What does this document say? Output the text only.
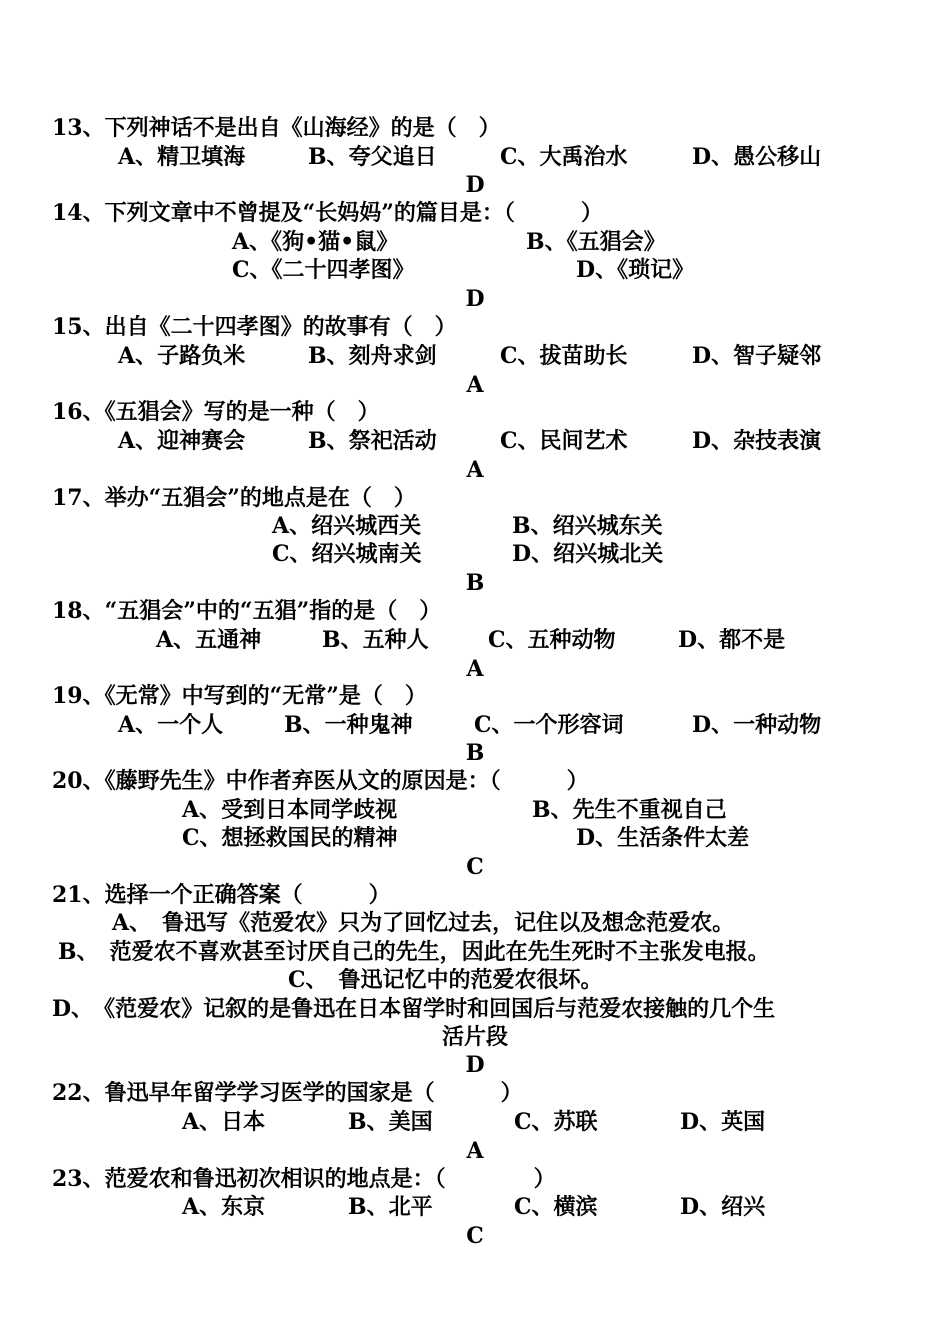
13、下列神话不是出自《山海经》的是（　）
A、精卫填海	B、夸父追日	C、大禹治水	D、愚公移山
D
14、下列文章中不曾提及“长妈妈”的篇目是：（　　　）
A、《狗•猫•鼠》	B、《五猖会》
C、《二十四孝图》	D、《琐记》
D
15、出自《二十四孝图》的故事有（　）
A、子路负米	B、刻舟求剑	C、拔苗助长	D、智子疑邻
A
16、《五猖会》写的是一种（　）
A、迎神赛会	B、祭祀活动	C、民间艺术	D、杂技表演
A
17、举办“五猖会”的地点是在（　）
A、绍兴城西关	B、绍兴城东关
C、绍兴城南关	D、绍兴城北关
B
18、“五猖会”中的“五猖”指的是（　）
A、五通神	B、五种人	C、五种动物	D、都不是
A
19、《无常》中写到的“无常”是（　）
A、一个人	B、一种鬼神	C、一个形容词	D、一种动物
B
20、《藤野先生》中作者弃医从文的原因是：（　　　）
A、受到日本同学歧视	B、先生不重视自己
C、想拯救国民的精神	D、生活条件太差
C
21、选择一个正确答案（　　　）
A、　鲁迅写《范爱农》只为了回忆过去，记住以及想念范爱农。
B、　范爱农不喜欢甚至讨厌自己的先生，因此在先生死时不主张发电报。
C、　鲁迅记忆中的范爱农很坏。
D、　《范爱农》记叙的是鲁迅在日本留学时和回国后与范爱农接触的几个生
活片段
D
22、鲁迅早年留学学习医学的国家是（　　　）
A、日本	B、美国	C、苏联	D、英国
A
23、范爱农和鲁迅初次相识的地点是：（　　　　）
A、东京	B、北平	C、横滨	D、绍兴
C
